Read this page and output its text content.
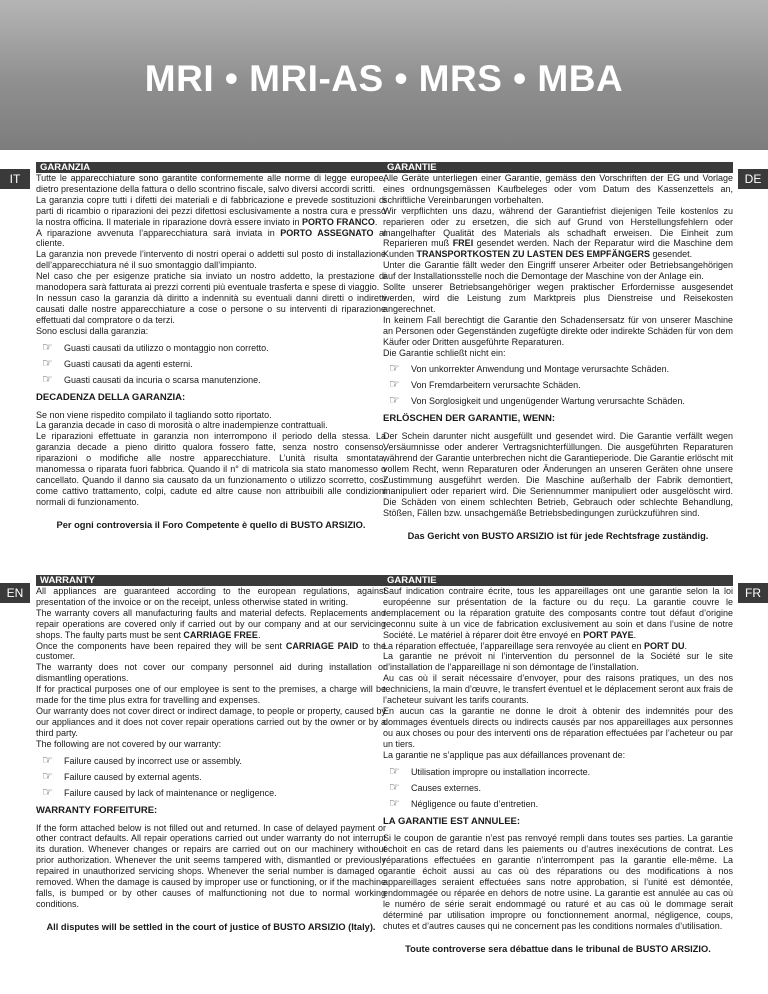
MRI • MRI-AS • MRS • MBA
IT	DE
EN	FR
GARANZIA

Tutte le apparecchiature sono garantite conformemente alle norme di legge europee, dietro presentazione della fattura o dello scontrino fiscale, salvo diversi accordi scritti.

La garanzia copre tutti i difetti dei materiali e di fabbricazione e prevede sostituzioni di parti di ricambio o riparazioni dei pezzi difettosi esclusivamente a nostra cura e presso la nostra officina. Il materiale in riparazione dovrà essere inviato in PORTO FRANCO.

A riparazione avvenuta l’apparecchiatura sarà inviata in PORTO ASSEGNATO al cliente.

La garanzia non prevede l’intervento di nostri operai o addetti sul posto di installazione dell’apparecchiatura né il suo smontaggio dall’impianto.

Nel caso che per esigenze pratiche sia inviato un nostro addetto, la prestazione di manodopera sarà fatturata ai prezzi correnti più eventuale trasferta e spese di viaggio.

In nessun caso la garanzia dà diritto a indennità su eventuali danni diretti o indiretti causati dalle nostre apparecchiature a cose o persone o su interventi di riparazione effettuati dal compratore o da terzi.

Sono esclusi dalla garanzia:

☞ Guasti causati da utilizzo o montaggio non corretto.
☞ Guasti causati da agenti esterni.
☞ Guasti causati da incuria o scarsa manutenzione.
DECADENZA DELLA GARANZIA:

Se non viene rispedito compilato il tagliando sotto riportato.

La garanzia decade in caso di morosità o altre inadempienze contrattuali.

Le riparazioni effettuate in garanzia non interrompono il periodo della stessa. La garanzia decade a pieno diritto qualora fossero fatte, senza nostro consenso, riparazioni o modifiche alle nostre apparecchiature. L’unità risulta smontata, manomessa o riparata fuori fabbrica. Quando il n° di matricola sia stato manomesso o cancellato. Quando il danno sia causato da un funzionamento o utilizzo scorretto, così come cattivo trattamento, colpi, cadute ed altre cause non attribuibili alle condizioni normali di funzionamento.

Per ogni controversia il Foro Competente è quello di BUSTO ARSIZIO.

GARANTIE

Alle Geräte unterliegen einer Garantie, gemäss den Vorschriften der EG und Vorlage eines ordnungsgemässen Kaufbeleges oder vom Datum des Kassenzettels an, schriftliche Vereinbarungen vorbehalten.

Wir verpflichten uns dazu, während der Garantiefrist diejenigen Teile kostenlos zu reparieren oder zu ersetzen, die sich auf Grund von Herstellungsfehlern oder mangelhafter Qualität des Materials als schadhaft erweisen. Die Einheit zum Reparieren muß FREI gesendet werden. Nach der Reparatur wird die Maschine dem Kunden TRANSPORTKOSTEN ZU LASTEN DES EMPFÄNGERS gesendet.

Unter die Garantie fällt weder den Eingriff unserer Arbeiter oder Betriebsangehörigen auf der Installationsstelle noch die Demontage der Maschine von der Anlage ein.

Sollte unserer Betriebsangehöriger wegen praktischer Erfordernisse ausgesendet werden, wird die Leistung zum Marktpreis plus Dienstreise und Reisekosten angerechnet.

In keinem Fall berechtigt die Garantie den Schadensersatz für von unserer Maschine an Personen oder Gegenständen zugefügte direkte oder indirekte Schäden für von dem Käufer oder Dritten ausgeführte Reparaturen.

Die Garantie schließt nicht ein:

☞ Von unkorrekter Anwendung und Montage verursachte Schäden.
☞ Von Fremdarbeitern verursachte Schäden.
☞ Von Sorglosigkeit und ungenügender Wartung verursachte Schäden.
ERLÖSCHEN DER GARANTIE, WENN:

Der Schein darunter nicht ausgefüllt und gesendet wird. Die Garantie verfällt wegen Versäumnisse oder anderer Vertragsnichterfüllungen. Die ausgeführten Reparaturen während der Garantie unterbrechen nicht die Garantieperiode. Die Garantie erlöscht mit vollem Recht, wenn Reparaturen oder Änderungen an unseren Geräten ohne unsere Zustimmung ausgeführt werden. Die Maschine außerhalb der Fabrik demontiert, manipuliert oder repariert wird. Die Seriennummer manipuliert oder ausgelöscht wird. Die Schäden von einem schlechten Betrieb, Gebrauch oder schlechte Behandlung, Stößen, Fällen bzw. unsachgemäße Betriebsbedingungen zurückzuführen sind.

Das Gericht von BUSTO ARSIZIO ist für jede Rechtsfrage zuständig.

WARRANTY

All appliances are guaranteed according to the european regulations, against presentation of the invoice or on the receipt, unless otherwise stated in writing.

The warranty covers all manufacturing faults and material defects. Replacements and repair operations are covered only if carried out by our company and at our servicing shops. The faulty parts must be sent CARRIAGE FREE.

Once the components have been repaired they will be sent CARRIAGE PAID to the customer.

The warranty does not cover our company personnel aid during installation or dismantling operations.

If for practical purposes one of our employee is sent to the premises, a charge will be made for the time plus extra for travelling and expenses.

Our warranty does not cover direct or indirect damage, to people or property, caused by our appliances and it does not cover repair operations carried out by the owner or by a third party.

The following are not covered by our warranty:

☞ Failure caused by incorrect use or assembly.
☞ Failure caused by external agents.
☞ Failure caused by lack of maintenance or negligence.
WARRANTY FORFEITURE:

If the form attached below is not filled out and returned. In case of delayed payment or other contract defaults. All repair operations carried out under warranty do not interrupt its duration. Whenever changes or repairs are carried out on our machinery without prior authorization. Whenever the unit seems tampered with, dismantled or previously repaired in unauthorized servicing shops. Whenever the serial number is damaged or removed. When the damage is caused by improper use or functioning, or if the machine falls, is bumped or by other causes of malfunctioning not due to normal working conditions.

All disputes will be settled in the court of justice of BUSTO ARSIZIO (Italy).

GARANTIE

Sauf indication contraire écrite, tous les appareillages ont une garantie selon la loi européenne sur présentation de la facture ou du reçu. La garantie couvre le remplacement ou la réparation gratuite des composants contre tout défaut d’origine reconnu suite à un vice de fabrication exclusivement au soin et dans l’usine de notre Société. Le matériel à réparer doit être envoyé en PORT PAYE.

La réparation effectuée, l’appareillage sera renvoyée au client en PORT DU.

La garantie ne prévoit ni l’intervention du personnel de la Société sur le site d’installation de l’appareillage ni son démontage de l’installation.

Au cas où il serait nécessaire d’envoyer, pour des raisons pratiques, un des nos techniciens, la main d’œuvre, le transfert éventuel et le déplacement seront aux frais de l’acheteur suivant les tarifs courants.

En aucun cas la garantie ne donne le droit à obtenir des indemnités pour des dommages éventuels directs ou indirects causés par nos appareillages aux personnes ou aux choses ou pour des interventi ons de réparation effectuées par l’acheteur ou par un tiers.

La garantie ne s’applique pas aux défaillances provenant de:

☞ Utilisation impropre ou installation incorrecte.
☞ Causes externes.
☞ Négligence ou faute d’entretien.
LA GARANTIE EST ANNULEE:

Si le coupon de garantie n’est pas renvoyé rempli dans toutes ses parties. La garantie échoit en cas de retard dans les paiements ou d’autres inexécutions de contrat. Les réparations effectuées en garantie n’interrompent pas la garantie elle-même. La garantie échoit aussi au cas où des réparations ou des modifications à nos appareillages seraient effectuées sans notre approbation, si l’unité est démontée, endommagée ou réparée en dehors de notre usine. La garantie est annulée au cas où le numéro de série serait endommagé ou raturé et au cas où le dommage serait déterminé par utilisation impropre ou fonctionnement anormal, négligence, coups, chutes et d’autres causes qui ne concernent pas les conditions normales d’utilisation.

Toute controverse sera débattue dans le tribunal de BUSTO ARSIZIO.
